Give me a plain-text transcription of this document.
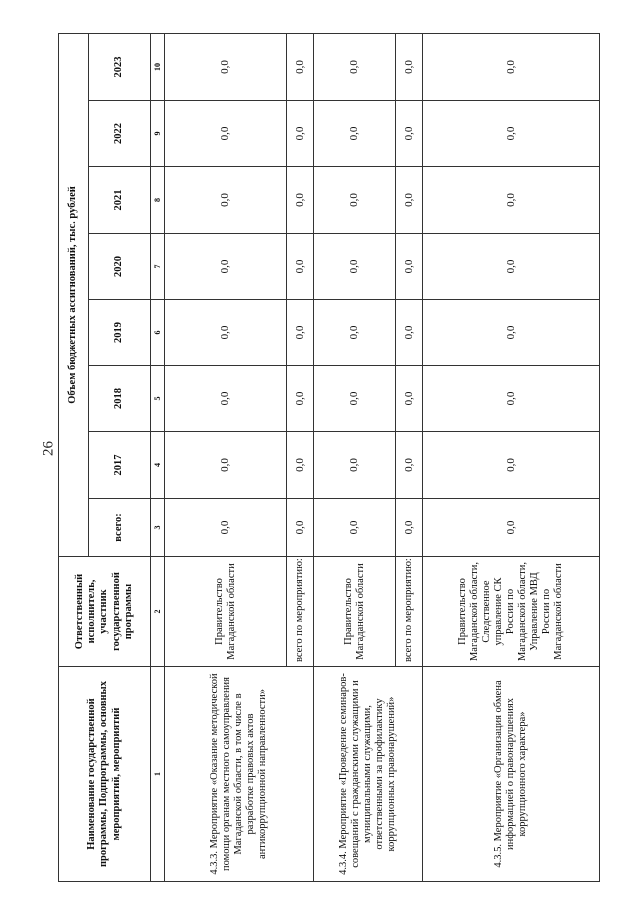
26
Наименование государственной программы, Подпрограммы, основных мероприятий, мероприятий	Ответственный исполнитель, участник государственной программы	Объем бюджетных ассигнований, тыс. рублей							
		всего:	2017	2018	2019	2020	2021	2022	2023
1	2	3	4	5	6	7	8	9	10
4.3.3. Мероприятие «Оказание методической помощи органам местного самоуправления Магаданской области, в том числе в разработке правовых актов антикоррупционной направленности»	Правительство Магаданской области	0,0	0,0	0,0	0,0	0,0	0,0	0,0	0,0
	всего по мероприятию:	0,0	0,0	0,0	0,0	0,0	0,0	0,0	0,0
4.3.4. Мероприятие «Проведение семинаров-совещаний с гражданскими служащими и муниципальными служащими, ответственными за профилактику коррупционных правонарушений»	Правительство Магаданской области	0,0	0,0	0,0	0,0	0,0	0,0	0,0	0,0
	всего по мероприятию:	0,0	0,0	0,0	0,0	0,0	0,0	0,0	0,0
4.3.5. Мероприятие «Организация обмена информацией о правонарушениях коррупционного характера»	Правительство Магаданской области, Следственное управление СК России по Магаданской области, Управление МВД России по Магаданской области	0,0	0,0	0,0	0,0	0,0	0,0	0,0	0,0
